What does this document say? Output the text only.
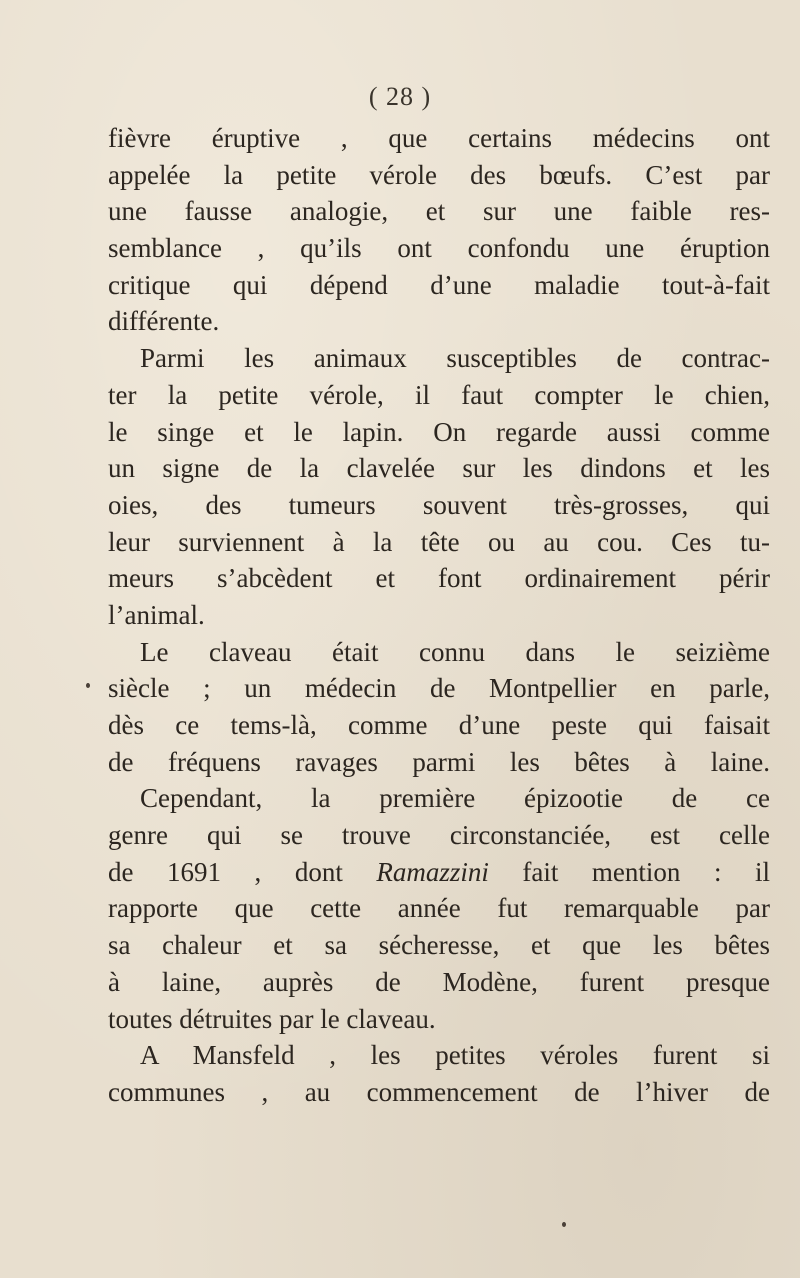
( 28 )
fièvre éruptive , que certains médecins ont
appelée la petite vérole des bœufs. C’est par
une fausse analogie, et sur une faible res-
semblance , qu’ils ont confondu une éruption
critique qui dépend d’une maladie tout-à-fait
différente.
Parmi les animaux susceptibles de contrac-
ter la petite vérole, il faut compter le chien,
le singe et le lapin. On regarde aussi comme
un signe de la clavelée sur les dindons et les
oies, des tumeurs souvent très-grosses, qui
leur surviennent à la tête ou au cou. Ces tu-
meurs s’abcèdent et font ordinairement périr
l’animal.
Le claveau était connu dans le seizième
siècle ; un médecin de Montpellier en parle,
dès ce tems-là, comme d’une peste qui faisait
de fréquens ravages parmi les bêtes à laine.
Cependant, la première épizootie de ce
genre qui se trouve circonstanciée, est celle
de 1691 , dont Ramazzini fait mention : il
rapporte que cette année fut remarquable par
sa chaleur et sa sécheresse, et que les bêtes
à laine, auprès de Modène, furent presque
toutes détruites par le claveau.
A Mansfeld , les petites véroles furent si
communes , au commencement de l’hiver de
